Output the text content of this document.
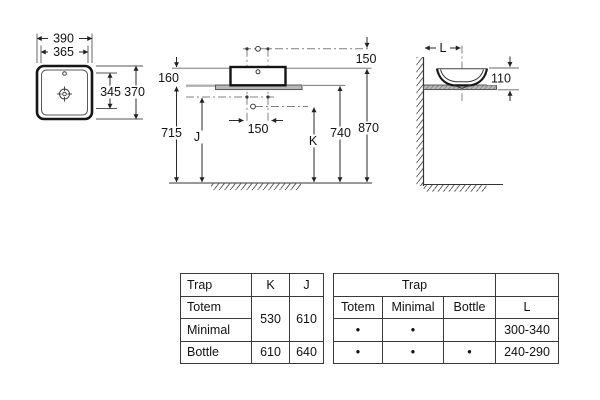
390
365
345 370
160
150
715 J
150
K
740 870
L
110
Trap	K	J
Totem	530	610
Minimal		
Bottle	610	640
Trap			
Totem	Minimal	Bottle	L
•	•		300-340
•	•	•	240-290
